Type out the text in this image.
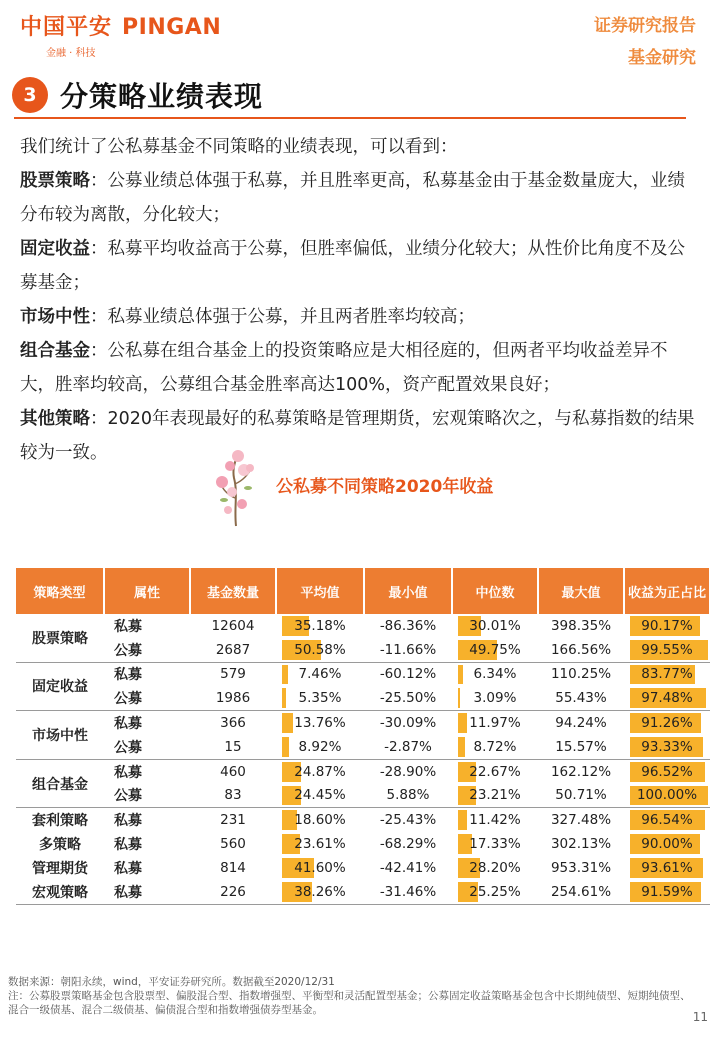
中国平安 PINGAN
金融 · 科技
证券研究报告
基金研究
3 分策略业绩表现

我们统计了公私募基金不同策略的业绩表现，可以看到：

股票策略：公募业绩总体强于私募，并且胜率更高，私募基金由于基金数量庞大，业绩分布较为离散，分化较大；

固定收益：私募平均收益高于公募，但胜率偏低，业绩分化较大；从性价比角度不及公募基金；

市场中性：私募业绩总体强于公募，并且两者胜率均较高；

组合基金：公私募在组合基金上的投资策略应是大相径庭的，但两者平均收益差异不大，胜率均较高，公募组合基金胜率高达100%，资产配置效果良好；

其他策略：2020年表现最好的私募策略是管理期货，宏观策略次之，与私募指数的结果较为一致。

公私募不同策略2020年收益
策略类型	属性	基金数量	平均值	最小值	中位数	最大值	收益为正占比
股票策略	私募	12604	35.18%	-86.36%	30.01%	398.35%	90.17%
	公募	2687	50.58%	-11.66%	49.75%	166.56%	99.55%
固定收益	私募	579	7.46%	-60.12%	6.34%	110.25%	83.77%
	公募	1986	5.35%	-25.50%	3.09%	55.43%	97.48%
市场中性	私募	366	13.76%	-30.09%	11.97%	94.24%	91.26%
	公募	15	8.92%	-2.87%	8.72%	15.57%	93.33%
组合基金	私募	460	24.87%	-28.90%	22.67%	162.12%	96.52%
	公募	83	24.45%	5.88%	23.21%	50.71%	100.00%
套利策略	私募	231	18.60%	-25.43%	11.42%	327.48%	96.54%
多策略	私募	560	23.61%	-68.29%	17.33%	302.13%	90.00%
管理期货	私募	814	41.60%	-42.41%	28.20%	953.31%	93.61%
宏观策略	私募	226	38.26%	-31.46%	25.25%	254.61%	91.59%
数据来源：朝阳永续，wind，平安证券研究所。数据截至2020/12/31
注：公募股票策略基金包含股票型、偏股混合型、指数增强型、平衡型和灵活配置型基金；公募固定收益策略基金包含中长期纯债型、短期纯债型、混合一级债基、混合二级债基、偏债混合型和指数增强债券型基金。	11
